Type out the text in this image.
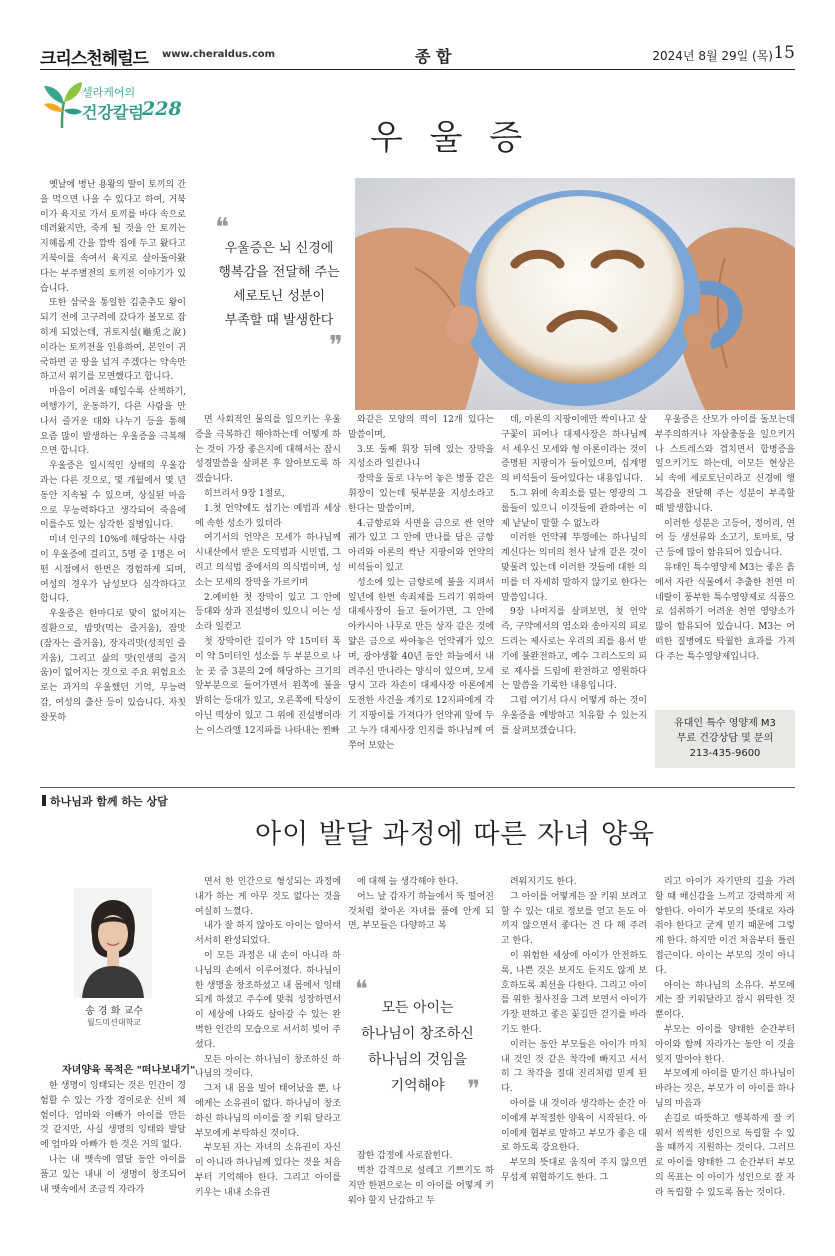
크리스천헤럴드 www.cheraldus.com	종 합	2024년 8월 29일 (목) 15
셀라케어의
건강칼럼
228
우 울 증
❝
우울증은 뇌 신경에
행복감을 전달해 주는
세로토닌 성분이
부족할 때 발생한다
❞

옛날에 병난 용왕의 딸이 토끼의 간을 먹으면 나을 수 있다고 하여, 거북이가 육지로 가서 토끼를 바다 속으로 데려왔지만, 죽게 될 것을 안 토끼는 지혜롭게 간을 깜박 집에 두고 왔다고 거북이를 속여서 육지로 살아돌아왔다는 부주별전의 토끼전 이야기가 있습니다.

또한 삼국을 통일한 김춘추도 왕이 되기 전에 고구려에 갔다가 볼모로 잡히게 되었는데, 귀토지설(龜兎之說)이라는 토끼전을 인용하여, 본인이 귀국하면 곧 땅을 넘겨 주겠다는 약속만 하고서 위기를 모면했다고 합니다.

마음이 어려울 때일수록 산책하기, 여행가기, 운동하기, 다른 사람을 만나서 즐거운 대화 나누기 등을 통해 요즘 많이 발생하는 우울증을 극복해으면 합니다.

우울증은 일시적인 상태의 우울감과는 다른 것으로, 몇 개월에서 몇 년 동안 지속될 수 있으며, 상실된 마음으로 무능력하다고 생각되어 죽음에 이를수도 있는 심각한 질병입니다.

미녀 인구의 10%에 해당하는 사람이 우울증에 걸리고, 5명 중 1명은 어떤 시점에서 한번은 경험하게 되며, 여성의 경우가 남성보다 심각하다고 합니다.

우울증은 한마디로 맞이 없어지는 질환으로, 밥맛(먹는 즐거움), 잠맛(잠자는 즐거움), 장자리맛(성적인 즐거움), 그리고 삶의 맛(인생의 즐거움)이 없어지는 것으로 주요 위험요소로는 과거의 우울했던 기억, 무능력감, 여성의 출산 등이 있습니다. 자칫 잘못하

면 사회적인 물의를 일으키는 우울증을 극복하긴 해야하는데 어떻게 하는 것이 가장 좋은지에 대해서는 잠시 성경말씀을 살펴본 후 알아보도록 하겠습니다.

히브리서 9장 1절로,

1.첫 언약에도 섬기는 예법과 세상에 속한 성소가 있더라

여기서의 언약은 모세가 하나님께 시내산에서 받은 도덕법과 시민법, 그리고 의식법 중에서의 의식법이며, 성소는 모세의 장막을 가르키며

2.예비한 첫 장막이 있고 그 안에 등대와 상과 진설병이 있으니 이는 성소라 일컫고

첫 장막이란 길이가 약 15미터 폭이 약 5미터인 성소를 두 부분으로 나눈 곳 중 3분의 2에 해당하는 크기의 앞부분으로 들어가면서 왼쪽에 불을 밝히는 등대가 있고, 오른쪽에 탁상이 아닌 떡상이 있고 그 위에 진설병이라는 이스라엘 12지파를 나타내는 찐빠

와같은 모양의 떡이 12개 있다는 말씀이며,

3.또 둘째 휘장 뒤에 있는 장막을 지성소라 일컫나니

장막을 둘로 나누어 놓은 병풍 같은 휘장이 있는데 뒷부분을 지성소라고 한다는 말씀이며,

4.금향로와 사면을 금으로 싼 언약궤가 있고 그 안에 만나를 담은 금항아리와 아론의 싹난 지팡이와 언약의 비석들이 있고

성소에 있는 금향로에 불을 지펴서 일년에 한번 속죄제를 드리기 위하여 대제사장이 들고 들어가면, 그 안에 아카시아 나무로 만든 상자 같은 것에 얇은 금으로 싸아놓은 언약궤가 있으며, 광야생활 40년 동안 하늘에서 내려주신 만나라는 양식이 있으며, 모세 당시 고라 자손이 대제사장 아론에게 도전한 사건을 계기로 12지파에게 각기 지팡이를 가져다가 언약궤 앞에 두고 누가 대제사장 인지를 하나님께 여쭈어 보았는

데, 아론의 지팡이에만 싹이나고 살구꽃이 피어나 대제사장은 하나님께서 세우신 모세와 형 아론이라는 것이 증명된 지팡이가 들어있으며, 십계명의 비석들이 들어있다는 내용입니다.

5.그 위에 속죄소를 덮는 영광의 그룹들이 있으니 이것들에 관하여는 이제 낱낱이 말할 수 없노라

이러한 언약궤 뚜껑에는 하나님의 계신다는 의미의 천사 날개 같은 것이 맞물려 있는데 이러한 것들에 대한 의미를 더 자세히 말하지 않기로 한다는 말씀입니다.

9장 나머지를 살펴보면, 첫 언약 즉, 구약에서의 염소와 송아지의 피로 드리는 제사로는 우리의 죄를 용서 받기에 불완전하고, 예수 그리스도의 피로 제사를 드림에 완전하고 영원하다는 말씀을 기록한 내용입니다.

그럼 여기서 다시 어떻게 하는 것이 우울증을 예방하고 치유할 수 있는지를 살펴보겠습니다.

우울증은 산모가 아이를 돌보는데 부주의하거나 자살충동을 일으키거나 스트레스와 겹치면서 합병증을 일으키기도 하는데, 이모든 현상은 뇌 속에 세로토닌이라고 신경에 행복감을 전달해 주는 성분이 부족할 때 발생합니다.

이러한 성분은 고등어, 정어리, 연어 등 생선류와 소고기, 토마토, 당근 등에 많이 함유되어 있습니다.

유태인 특수영양제 M3는 좋은 흙에서 자란 식물에서 추출한 천연 미네랄이 풍부한 특수영양제로 식품으로 섭취하기 어려운 천연 영양소가 많이 함유되어 있습니다. M3는 어떠한 질병에도 탁월한 효과를 가져다 주는 특수영양제입니다.

유대인 특수 영양제 M3
무료 건강상담 및 문의
213-435-9600
하나님과 함께 하는 상담
아이 발달 과정에 따른 자녀 양육
송 경 화 교수
월드미션대학교
자녀양육 목적은 "떠나보내기"

한 생명이 잉태되는 것은 인간이 경험할 수 있는 가장 경이로운 신비 체험이다. 엄마와 아빠가 아이를 만든 것 같지만, 사실 생명의 잉태와 발달에 엄마와 아빠가 한 것은 거의 없다.

나는 내 뱃속에 열달 동안 아이를 품고 있는 내내 이 생명이 창조되어 내 뱃속에서 조금씩 자라가

면서 한 인간으로 형성되는 과정에 내가 하는 게 아무 것도 없다는 것을 여실히 느꼈다.

내가 잘 하지 않아도 아이는 알아서 서서히 완성되었다.

이 모든 과정은 내 손이 아니라 하나님의 손에서 이루어졌다. 하나님이 한 생명을 창조하셨고 내 몸에서 잉태되게 하셨고 주수에 맞춰 성장하면서 이 세상에 나와도 살아갈 수 있는 완벽한 인간의 모습으로 서서히 빚어 주셨다.

모든 아이는 하나님이 창조하신 하나님의 것이다.

그저 내 몸을 빌어 태어났을 뿐, 나에게는 소유권이 없다. 하나님이 창조하신 하나님의 아이를 잘 키워 달라고 부모에게 부탁하신 것이다.

부모된 자는 자녀의 소유권이 자신이 아니라 하나님께 있다는 것을 처음부터 기억해야 한다. 그리고 아이를 키우는 내내 소유권

에 대해 늘 생각해야 한다.

어느 날 갑자기 하늘에서 뚝 떨어진 것처럼 찾아온 자녀를 품에 안게 되면, 부모들은 다양하고 복

잡한 감정에 사로잡힌다.

벅찬 감격으로 설레고 기쁘기도 하지만 한편으로는 이 아이를 어떻게 키워야 할지 난감하고 두

려워지기도 한다.

그 아이를 어떻게든 잘 키워 보려고 할 수 있는 대로 정보를 얻고 돈도 아끼지 않으면서 좋다는 건 다 해 주려고 한다.

이 위험한 세상에 아이가 안전하도록, 나쁜 것은 보지도 듣지도 않게 보호하도록 최선을 다한다. 그리고 아이를 위한 청사진을 그려 보면서 아이가 가장 편하고 좋은 꽃길만 걷기를 바라기도 한다.

이러는 동안 부모들은 아이가 마치 내 것인 것 같은 착각에 빠지고 서서히 그 착각을 절대 진리처럼 믿게 된다.

아이를 내 것이라 생각하는 순간 아이에게 부적절한 양육이 시작된다. 아이에게 협부로 말하고 부모가 좋은 대로 하도록 강요한다.

부모의 뜻대로 움직여 주지 않으면 무섭게 위협하기도 한다. 그

리고 아이가 자기만의 길을 가려할 때 배신감을 느끼고 강력하게 저항한다. 아이가 부모의 뜻대로 자라줘야 한다고 굳게 믿기 때문에 그렇게 한다. 하지만 이건 처음부터 틀린 접근이다. 아이는 부모의 것이 아니다.

아이는 하나님의 소유다. 부모에게는 잘 키워달라고 잠시 위탁한 것 뿐이다.

부모는 아이를 양태한 순간부터 아이와 함께 자라가는 동안 이 것을 잊지 말아야 한다.

부모에게 아이를 맡기신 하나님이 바라는 것은, 부모가 이 아이를 하나님의 마음과

손길로 따뜻하고 행복하게 잘 키워서 씩씩한 성인으로 독립할 수 있을 때까지 지원하는 것이다. 그러므로 아이를 양태한 그 순간부터 부모의 목표는 이 아이가 성인으로 잘 자라 독립할 수 있도록 돕는 것이다.

❝
모든 아이는
하나님이 창조하신
하나님의 것임을
기억해야 ❞
